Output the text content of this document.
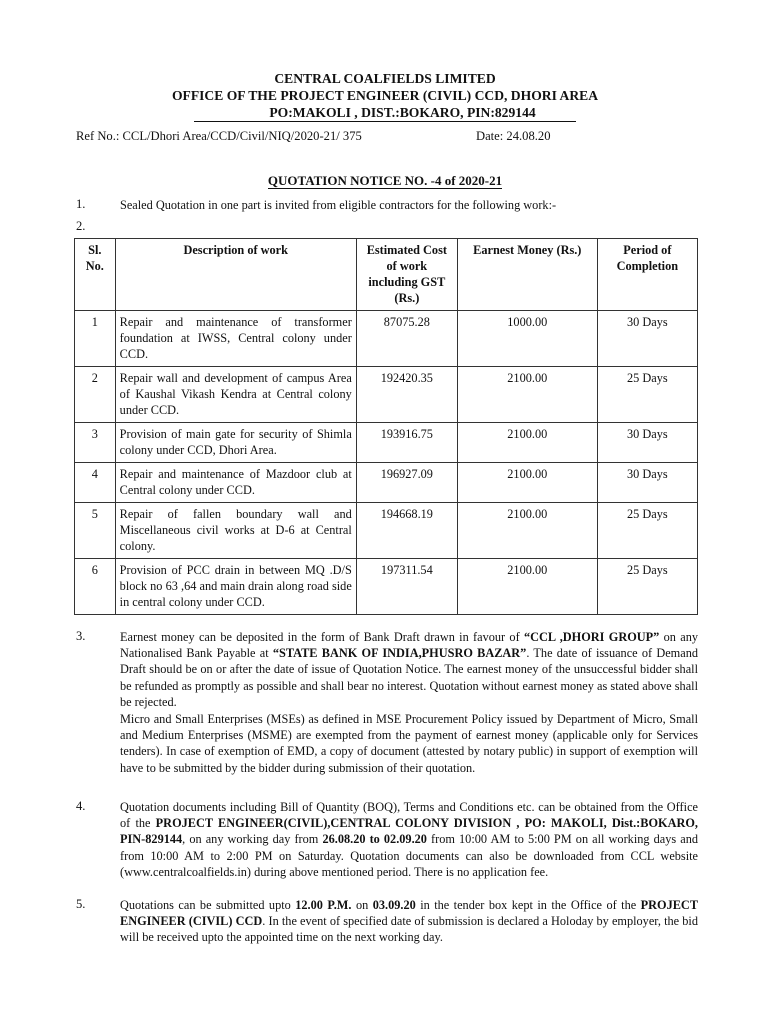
CENTRAL COALFIELDS LIMITED
OFFICE OF THE PROJECT ENGINEER (CIVIL) CCD, DHORI AREA
PO:MAKOLI , DIST.:BOKARO, PIN:829144
Ref No.: CCL/Dhori Area/CCD/Civil/NIQ/2020-21/ 375	Date: 24.08.20
QUOTATION NOTICE NO. -4 of 2020-21
1.	Sealed Quotation in one part is invited from eligible contractors for the following work:-
2.
Sl. No.	Description of work	Estimated Cost of work including GST (Rs.)	Earnest Money (Rs.)	Period of Completion
1	Repair and maintenance of transformer foundation at IWSS, Central colony under CCD.	87075.28	1000.00	30 Days
2	Repair wall and development of campus Area of Kaushal Vikash Kendra at Central colony under CCD.	192420.35	2100.00	25 Days
3	Provision of main gate for security of Shimla colony under CCD, Dhori Area.	193916.75	2100.00	30 Days
4	Repair and maintenance of Mazdoor club at Central colony under CCD.	196927.09	2100.00	30 Days
5	Repair of fallen boundary wall and Miscellaneous civil works at D-6 at Central colony.	194668.19	2100.00	25 Days
6	Provision of PCC drain in between MQ .D/S block no 63 ,64 and main drain along road side in central colony under CCD.	197311.54	2100.00	25 Days
3.	Earnest money can be deposited in the form of Bank Draft drawn in favour of “CCL ,DHORI GROUP” on any Nationalised Bank Payable at “STATE BANK OF INDIA,PHUSRO BAZAR”. The date of issuance of Demand Draft should be on or after the date of issue of Quotation Notice. The earnest money of the unsuccessful bidder shall be refunded as promptly as possible and shall bear no interest. Quotation without earnest money as stated above shall be rejected.
Micro and Small Enterprises (MSEs) as defined in MSE Procurement Policy issued by Department of Micro, Small and Medium Enterprises (MSME) are exempted from the payment of earnest money (applicable only for Services tenders). In case of exemption of EMD, a copy of document (attested by notary public) in support of exemption will have to be submitted by the bidder during submission of their quotation.
4.	Quotation documents including Bill of Quantity (BOQ), Terms and Conditions etc. can be obtained from the Office of the PROJECT ENGINEER(CIVIL),CENTRAL COLONY DIVISION , PO: MAKOLI, Dist.:BOKARO, PIN-829144, on any working day from 26.08.20 to 02.09.20 from 10:00 AM to 5:00 PM on all working days and from 10:00 AM to 2:00 PM on Saturday. Quotation documents can also be downloaded from CCL website (www.centralcoalfields.in) during above mentioned period. There is no application fee.
5.	Quotations can be submitted upto 12.00 P.M. on 03.09.20 in the tender box kept in the Office of the PROJECT ENGINEER (CIVIL) CCD. In the event of specified date of submission is declared a Holoday by employer, the bid will be received upto the appointed time on the next working day.
